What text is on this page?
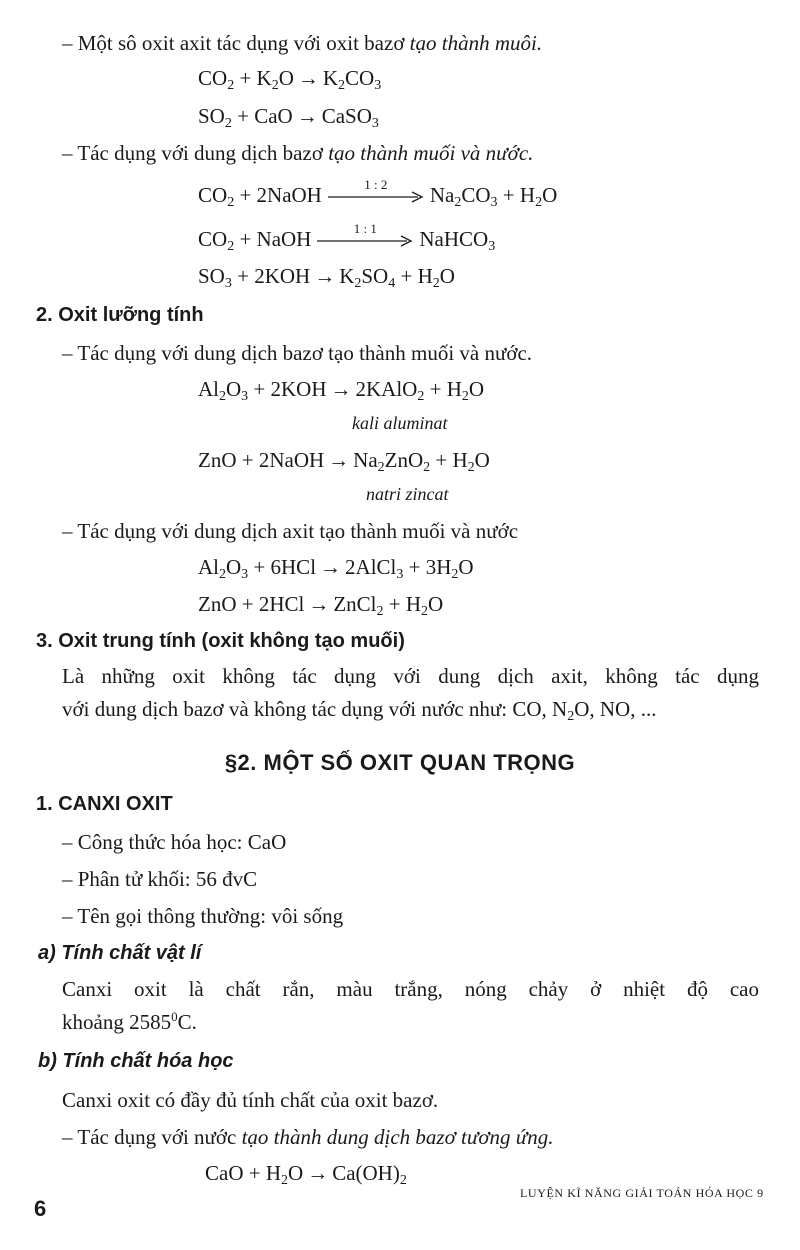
– Một sô oxit axit tác dụng với oxit bazơ tạo thành muôi.
$CO_2 + K_2O \to K_2CO_3$
$SO_2$ + CaO → CaSO$_3$
– Tác dụng với dung dịch bazơ tạo thành muối và nước.
$CO_2$ + 2NaOH	1 : 2	$Na_2CO_3 + H_2O$
$CO_2$ + NaOH	1 : 1	NaHCO$_3$
$SO_3 + 2KOH \to K_2SO_4 + H_2O$
2. Oxit lưỡng tính
– Tác dụng với dung dịch bazơ tạo thành muối và nước.
$Al_2O_3 + 2KOH$ → 2KAlO$_2$ + $H_2O$
kali aluminat
ZnO + 2NaOH → $Na_2ZnO_2 + H_2O$
natri zincat
– Tác dụng với dung dịch axit tạo thành muối và nước
$Al_2O_3 + 6HCl$ → 2AlCl$_3$ + $3H_2O$
ZnO + 2HCl → ZnCl$_2$ + $H_2O$
3. Oxit trung tính (oxit không tạo muối)
Là những oxit không tác dụng với dung dịch axit, không tác dụng
với dung dịch bazơ và không tác dụng với nước như: CO, $N_2O$, NO, ...
§2. MỘT SỐ OXIT QUAN TRỌNG
1. CANXI OXIT
– Công thức hóa học: CaO
– Phân tử khối: 56 đvC
– Tên gọi thông thường: vôi sống
a) Tính chất vật lí
Canxi oxit là chất rắn, màu trắng, nóng chảy ở nhiệt độ cao
khoảng 2585$^0$C.
b) Tính chất hóa học
Canxi oxit có đầy đủ tính chất của oxit bazơ.
– Tác dụng với nước tạo thành dung dịch bazơ tương ứng.
CaO + $H_2O \to Ca(OH)_2$
6
LUYỆN KĨ NĂNG GIẢI TOÁN HÓA HỌC 9
